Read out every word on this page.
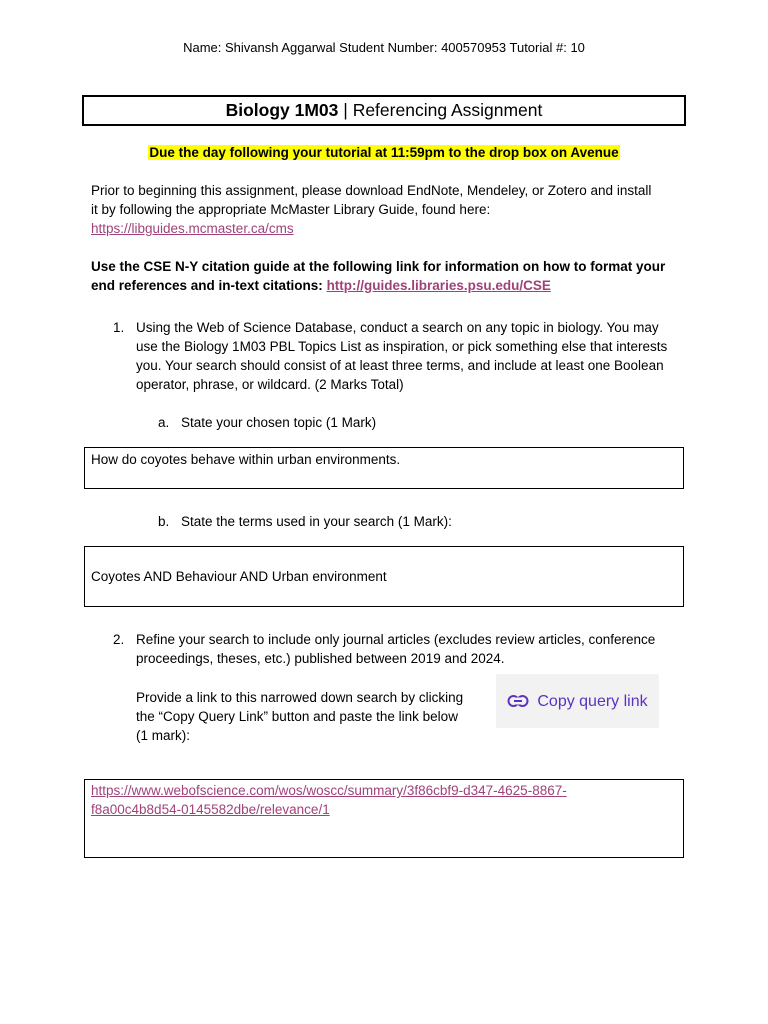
Name: Shivansh Aggarwal Student Number: 400570953 Tutorial #: 10
Biology 1M03 | Referencing Assignment
Due the day following your tutorial at 11:59pm to the drop box on Avenue
Prior to beginning this assignment, please download EndNote, Mendeley, or Zotero and install
it by following the appropriate McMaster Library Guide, found here:
https://libguides.mcmaster.ca/cms
Use the CSE N-Y citation guide at the following link for information on how to format your
end references and in-text citations: http://guides.libraries.psu.edu/CSE
1. Using the Web of Science Database, conduct a search on any topic in biology. You may
use the Biology 1M03 PBL Topics List as inspiration, or pick something else that interests
you. Your search should consist of at least three terms, and include at least one Boolean
operator, phrase, or wildcard. (2 Marks Total)
a. State your chosen topic (1 Mark)
How do coyotes behave within urban environments.
b. State the terms used in your search (1 Mark):
Coyotes AND Behaviour AND Urban environment
2. Refine your search to include only journal articles (excludes review articles, conference
proceedings, theses, etc.) published between 2019 and 2024.
Provide a link to this narrowed down search by clicking
the “Copy Query Link” button and paste the link below
(1 mark):
Copy query link
https://www.webofscience.com/wos/woscc/summary/3f86cbf9-d347-4625-8867-
f8a00c4b8d54-0145582dbe/relevance/1
